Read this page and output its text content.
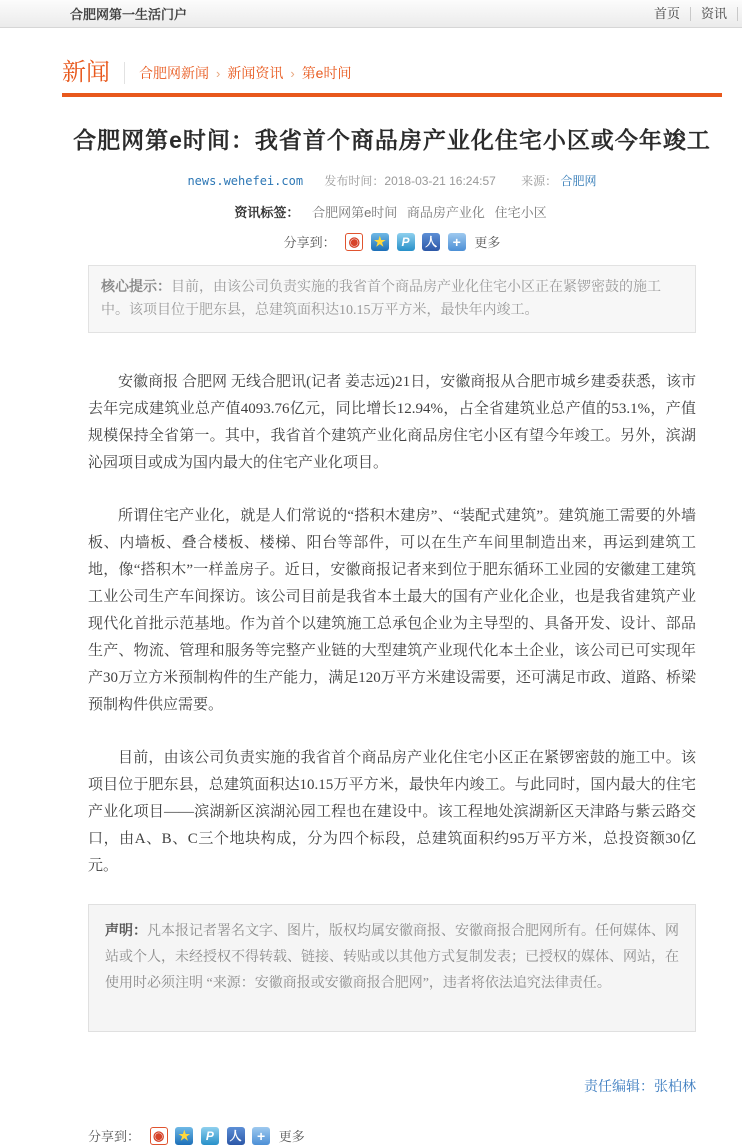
合肥网第一生活门户	首页	资讯
新闻 合肥网新闻 › 新闻资讯 › 第e时间
合肥网第e时间：我省首个商品房产业化住宅小区或今年竣工
news.wehefei.com 发布时间：2018-03-21 16:24:57 来源： 合肥网
资讯标签： 合肥网第e时间 商品房产业化 住宅小区
分享到： ◉ ★ P 人 + 更多
核心提示：目前，由该公司负责实施的我省首个商品房产业化住宅小区正在紧锣密鼓的施工中。该项目位于肥东县，总建筑面积达10.15万平方米，最快年内竣工。

安徽商报 合肥网 无线合肥讯(记者 姜志远)21日，安徽商报从合肥市城乡建委获悉，该市去年完成建筑业总产值4093.76亿元，同比增长12.94%，占全省建筑业总产值的53.1%，产值规模保持全省第一。其中，我省首个建筑产业化商品房住宅小区有望今年竣工。另外，滨湖沁园项目或成为国内最大的住宅产业化项目。

所谓住宅产业化，就是人们常说的“搭积木建房”、“装配式建筑”。建筑施工需要的外墙板、内墙板、叠合楼板、楼梯、阳台等部件，可以在生产车间里制造出来，再运到建筑工地，像“搭积木”一样盖房子。近日，安徽商报记者来到位于肥东循环工业园的安徽建工建筑工业公司生产车间探访。该公司目前是我省本土最大的国有产业化企业，也是我省建筑产业现代化首批示范基地。作为首个以建筑施工总承包企业为主导型的、具备开发、设计、部品生产、物流、管理和服务等完整产业链的大型建筑产业现代化本土企业，该公司已可实现年产30万立方米预制构件的生产能力，满足120万平方米建设需要，还可满足市政、道路、桥梁预制构件供应需要。

目前，由该公司负责实施的我省首个商品房产业化住宅小区正在紧锣密鼓的施工中。该项目位于肥东县，总建筑面积达10.15万平方米，最快年内竣工。与此同时，国内最大的住宅产业化项目——滨湖新区滨湖沁园工程也在建设中。该工程地处滨湖新区天津路与紫云路交口，由A、B、C三个地块构成，分为四个标段，总建筑面积约95万平方米，总投资额30亿元。

声明：凡本报记者署名文字、图片，版权均属安徽商报、安徽商报合肥网所有。任何媒体、网站或个人，未经授权不得转载、链接、转贴或以其他方式复制发表；已授权的媒体、网站，在使用时必须注明 “来源：安徽商报或安徽商报合肥网”，违者将依法追究法律责任。
责任编辑：张柏林
分享到： ◉ ★ P 人 + 更多
